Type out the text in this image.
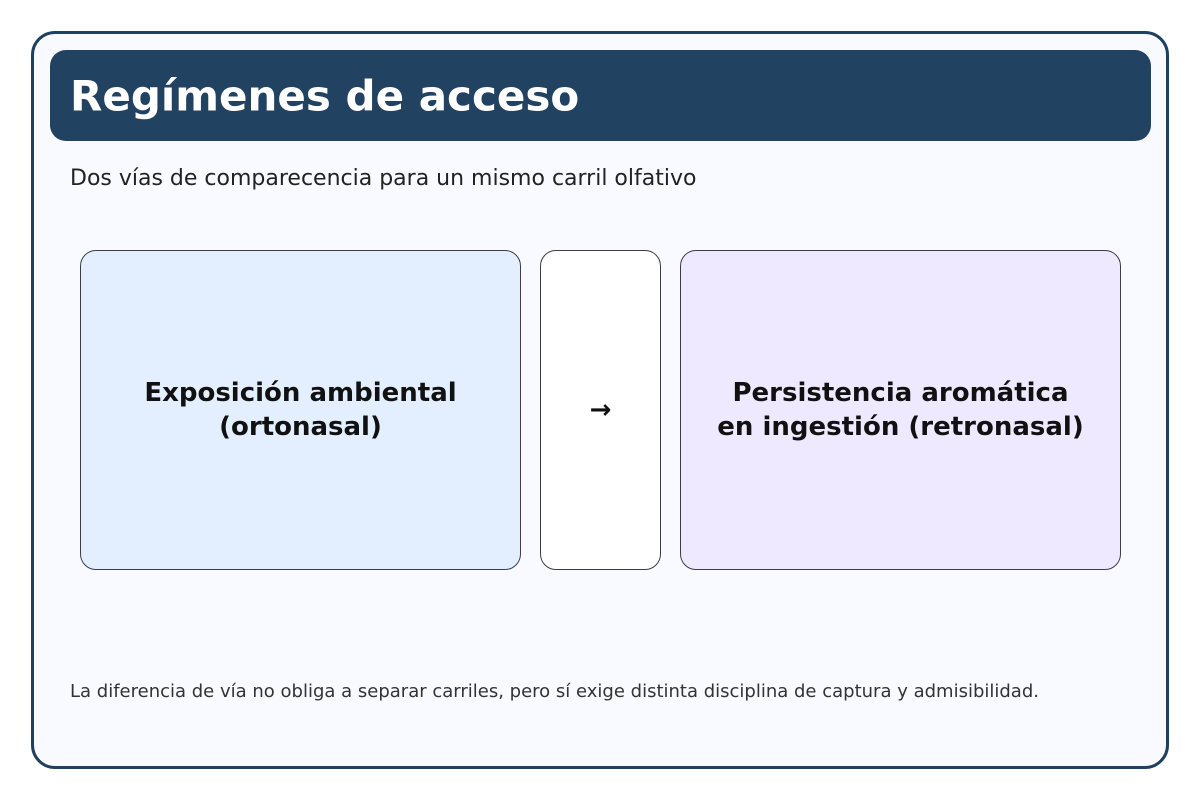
Regímenes de acceso
Dos vías de comparecencia para un mismo carril olfativo
Exposición ambiental
(ortonasal)
→
Persistencia aromática
en ingestión (retronasal)
La diferencia de vía no obliga a separar carriles, pero sí exige distinta disciplina de captura y admisibilidad.
